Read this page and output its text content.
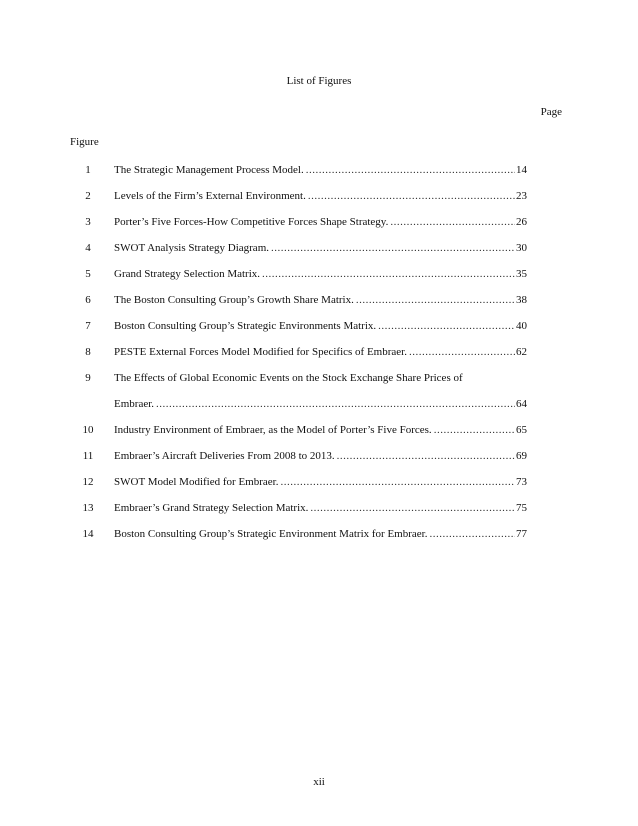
List of Figures
Page
Figure
1	The Strategic Management Process Model. .....	14
2	Levels of the Firm’s External Environment. .....	23
3	Porter’s Five Forces-How Competitive Forces Shape Strategy. .....	26
4	SWOT Analysis Strategy Diagram. .....	30
5	Grand Strategy Selection Matrix. .....	35
6	The Boston Consulting Group’s Growth Share Matrix. .....	38
7	Boston Consulting Group’s Strategic Environments Matrix. .....	40
8	PESTE External Forces Model Modified for Specifics of Embraer. .....	62
9	The Effects of Global Economic Events on the Stock Exchange Share Prices of
Embraer. .....	64
10	Industry Environment of Embraer, as the Model of Porter’s Five Forces. .....	65
11	Embraer’s Aircraft Deliveries From 2008 to 2013. .....	69
12	SWOT Model Modified for Embraer. .....	73
13	Embraer’s Grand Strategy Selection Matrix. .....	75
14	Boston Consulting Group’s Strategic Environment Matrix for Embraer. .....	77
xii
